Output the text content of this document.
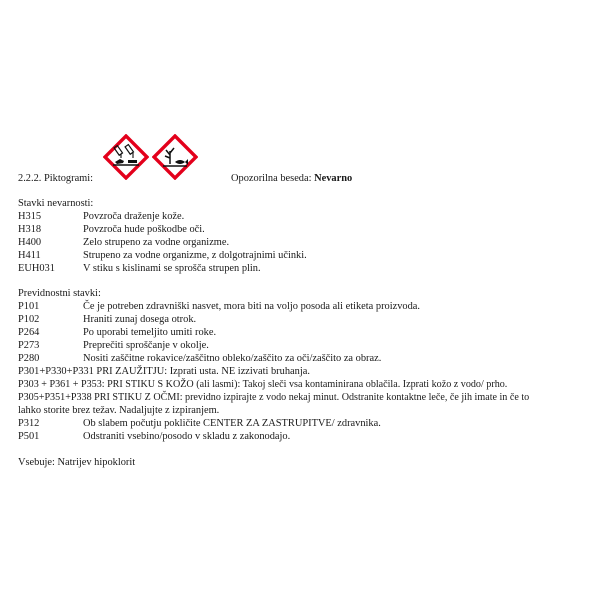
2.2.2. Piktogrami:	Opozorilna beseda: Nevarno
Stavki nevarnosti:
H315	Povzroča draženje kože.
H318	Povzroča hude poškodbe oči.
H400	Zelo strupeno za vodne organizme.
H411	Strupeno za vodne organizme, z dolgotrajnimi učinki.
EUH031	V stiku s kislinami se sprošča strupen plin.
Previdnostni stavki:
P101	Če je potreben zdravniški nasvet, mora biti na voljo posoda ali etiketa proizvoda.
P102	Hraniti zunaj dosega otrok.
P264	Po uporabi temeljito umiti roke.
P273	Preprečiti sproščanje v okolje.
P280	Nositi zaščitne rokavice/zaščitno obleko/zaščito za oči/zaščito za obraz.
P301+P330+P331 PRI ZAUŽITJU: Izprati usta. NE izzivati bruhanja.
P303 + P361 + P353: PRI STIKU S KOŽO (ali lasmi): Takoj sleči vsa kontaminirana oblačila. Izprati kožo z vodo/ prho.
P305+P351+P338 PRI STIKU Z OČMI: previdno izpirajte z vodo nekaj minut. Odstranite kontaktne leče, če jih imate in če to
lahko storite brez težav. Nadaljujte z izpiranjem.
P312	Ob slabem počutju pokličite CENTER ZA ZASTRUPITVE/ zdravnika.
P501	Odstraniti vsebino/posodo v skladu z zakonodajo.
Vsebuje: Natrijev hipoklorit
